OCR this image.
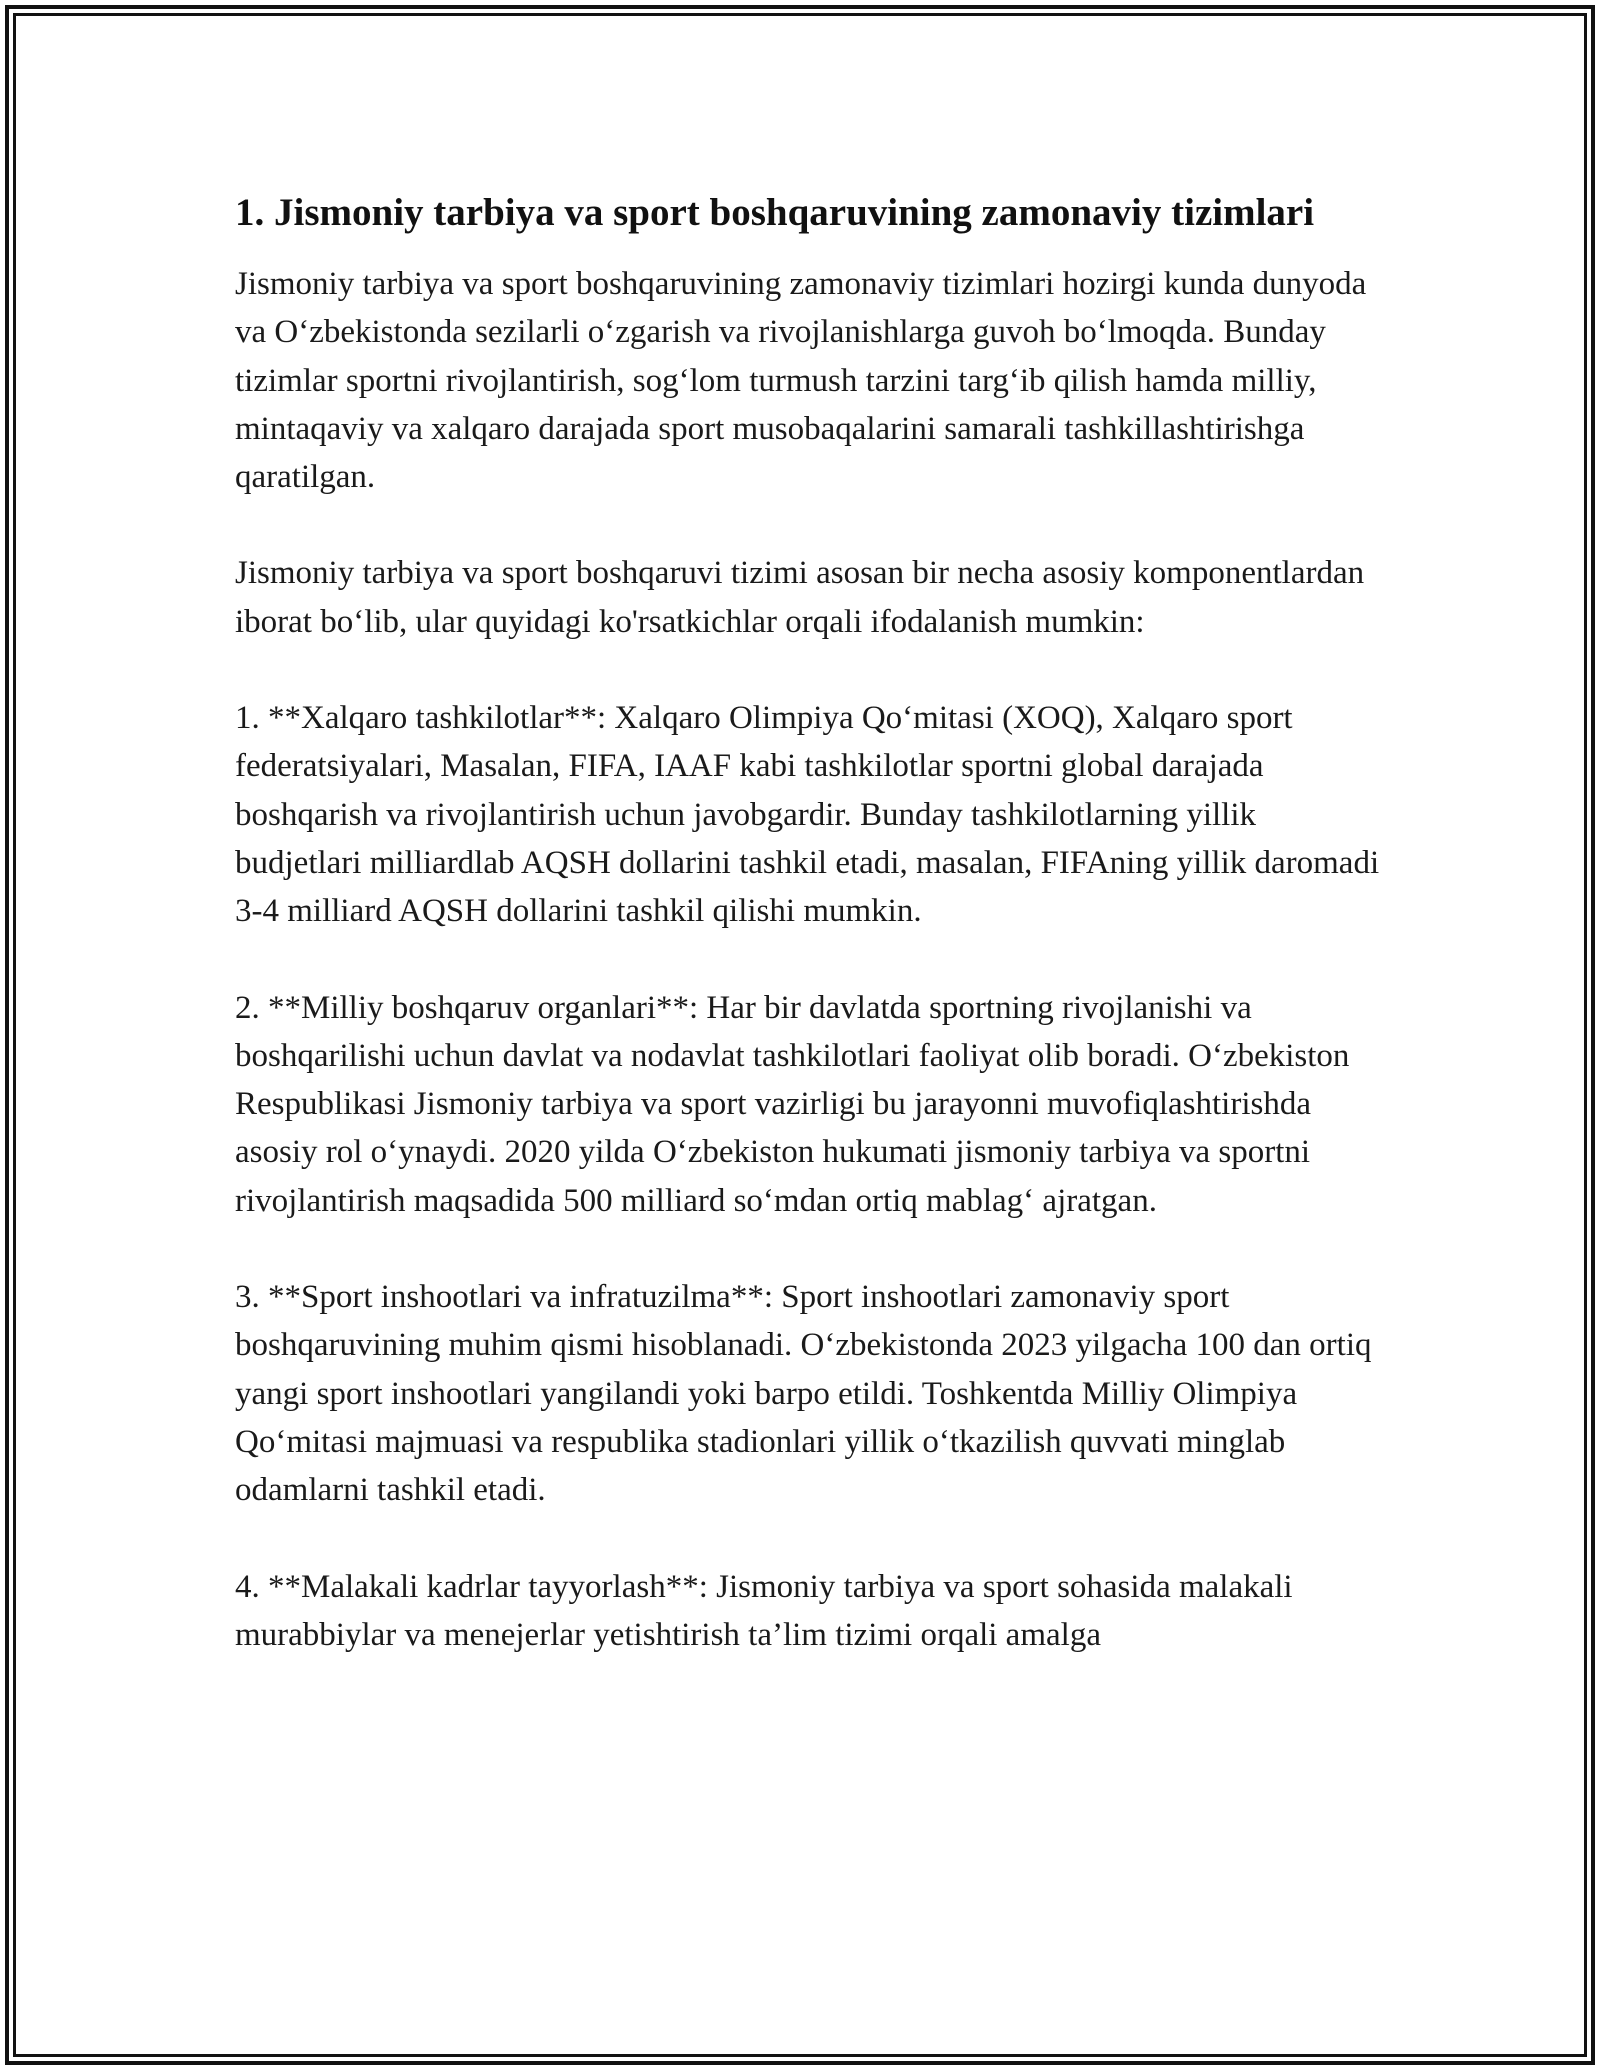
1. Jismoniy tarbiya va sport boshqaruvining zamonaviy tizimlari

Jismoniy tarbiya va sport boshqaruvining zamonaviy tizimlari hozirgi kunda dunyoda va O‘zbekistonda sezilarli o‘zgarish va rivojlanishlarga guvoh bo‘lmoqda. Bunday tizimlar sportni rivojlantirish, sog‘lom turmush tarzini targ‘ib qilish hamda milliy, mintaqaviy va xalqaro darajada sport musobaqalarini samarali tashkillashtirishga qaratilgan.

Jismoniy tarbiya va sport boshqaruvi tizimi asosan bir necha asosiy komponentlardan iborat bo‘lib, ular quyidagi ko'rsatkichlar orqali ifodalanish mumkin:

1. **Xalqaro tashkilotlar**: Xalqaro Olimpiya Qo‘mitasi (XOQ), Xalqaro sport federatsiyalari, Masalan, FIFA, IAAF kabi tashkilotlar sportni global darajada boshqarish va rivojlantirish uchun javobgardir. Bunday tashkilotlarning yillik budjetlari milliardlab AQSH dollarini tashkil etadi, masalan, FIFAning yillik daromadi 3-4 milliard AQSH dollarini tashkil qilishi mumkin.

2. **Milliy boshqaruv organlari**: Har bir davlatda sportning rivojlanishi va boshqarilishi uchun davlat va nodavlat tashkilotlari faoliyat olib boradi. O‘zbekiston Respublikasi Jismoniy tarbiya va sport vazirligi bu jarayonni muvofiqlashtirishda asosiy rol o‘ynaydi. 2020 yilda O‘zbekiston hukumati jismoniy tarbiya va sportni rivojlantirish maqsadida 500 milliard so‘mdan ortiq mablag‘ ajratgan.

3. **Sport inshootlari va infratuzilma**: Sport inshootlari zamonaviy sport boshqaruvining muhim qismi hisoblanadi. O‘zbekistonda 2023 yilgacha 100 dan ortiq yangi sport inshootlari yangilandi yoki barpo etildi. Toshkentda Milliy Olimpiya Qo‘mitasi majmuasi va respublika stadionlari yillik o‘tkazilish quvvati minglab odamlarni tashkil etadi.

4. **Malakali kadrlar tayyorlash**: Jismoniy tarbiya va sport sohasida malakali murabbiylar va menejerlar yetishtirish ta’lim tizimi orqali amalga
